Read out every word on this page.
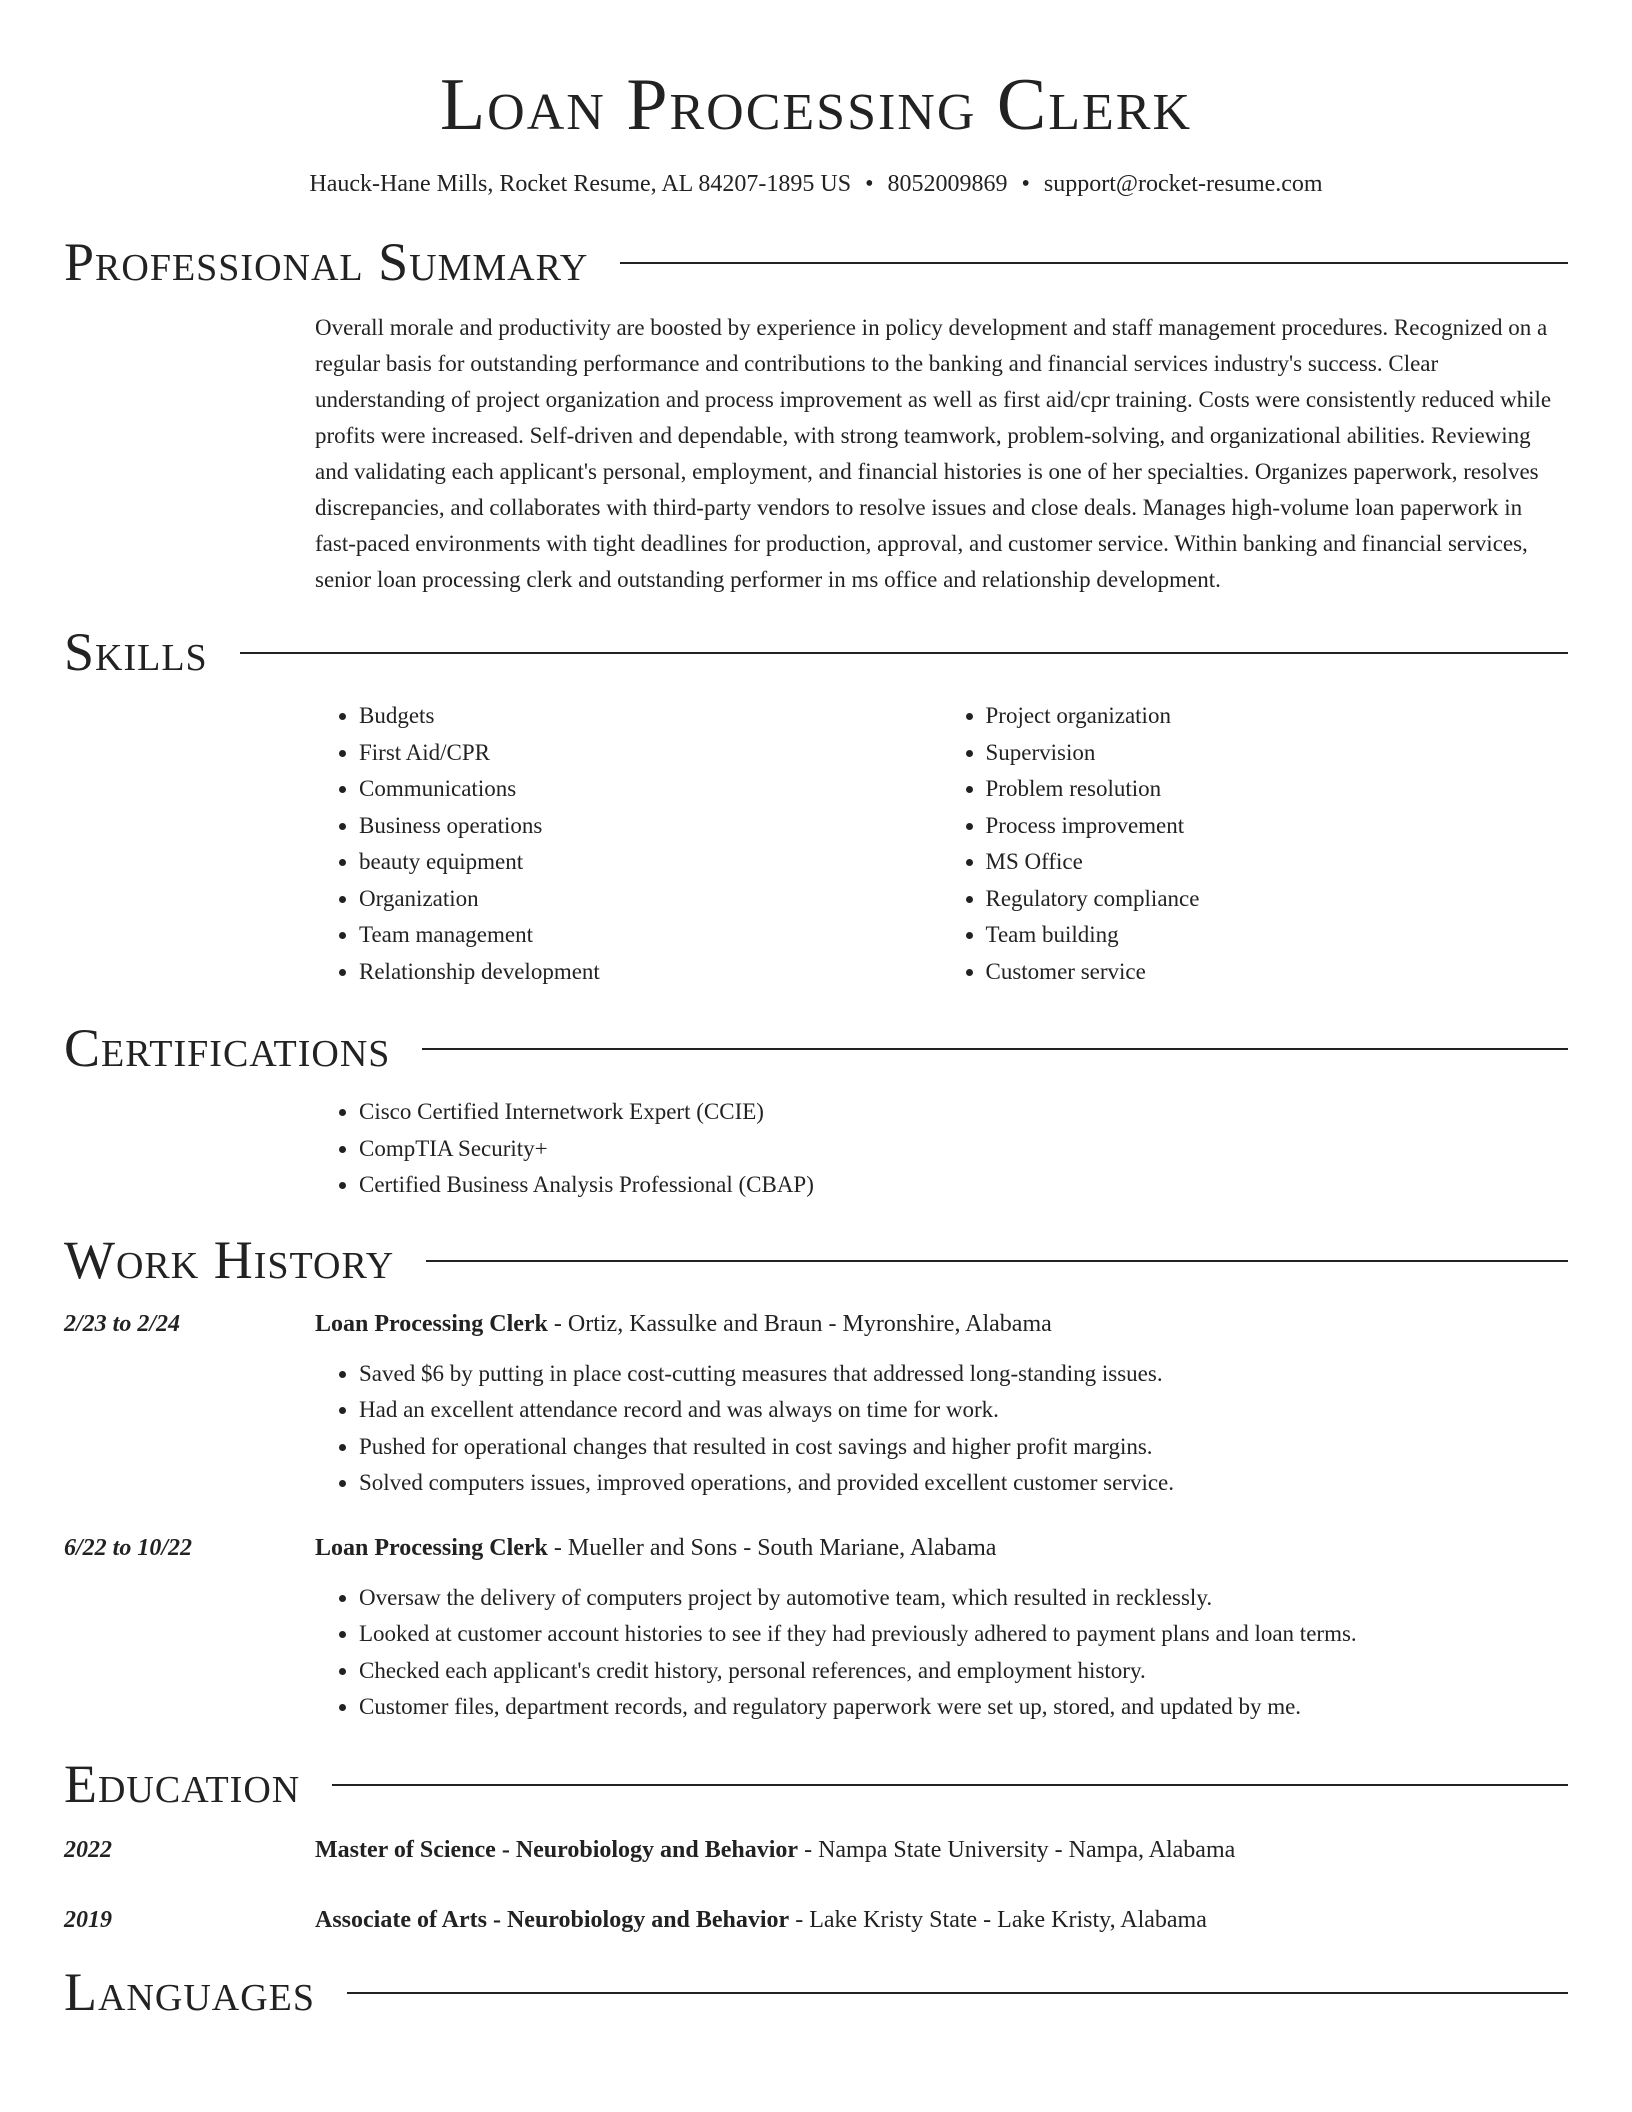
Loan Processing Clerk
Hauck-Hane Mills, Rocket Resume, AL 84207-1895 US • 8052009869 • support@rocket-resume.com
Professional Summary
Overall morale and productivity are boosted by experience in policy development and staff management procedures. Recognized on a regular basis for outstanding performance and contributions to the banking and financial services industry's success. Clear understanding of project organization and process improvement as well as first aid/cpr training. Costs were consistently reduced while profits were increased. Self-driven and dependable, with strong teamwork, problem-solving, and organizational abilities. Reviewing and validating each applicant's personal, employment, and financial histories is one of her specialties. Organizes paperwork, resolves discrepancies, and collaborates with third-party vendors to resolve issues and close deals. Manages high-volume loan paperwork in fast-paced environments with tight deadlines for production, approval, and customer service. Within banking and financial services, senior loan processing clerk and outstanding performer in ms office and relationship development.
Skills
• Budgets
• First Aid/CPR
• Communications
• Business operations
• beauty equipment
• Organization
• Team management
• Relationship development
• Project organization
• Supervision
• Problem resolution
• Process improvement
• MS Office
• Regulatory compliance
• Team building
• Customer service
Certifications
• Cisco Certified Internetwork Expert (CCIE)
• CompTIA Security+
• Certified Business Analysis Professional (CBAP)
Work History
2/23 to 2/24	Loan Processing Clerk - Ortiz, Kassulke and Braun - Myronshire, Alabama
• Saved $6 by putting in place cost-cutting measures that addressed long-standing issues.
• Had an excellent attendance record and was always on time for work.
• Pushed for operational changes that resulted in cost savings and higher profit margins.
• Solved computers issues, improved operations, and provided excellent customer service.
6/22 to 10/22	Loan Processing Clerk - Mueller and Sons - South Mariane, Alabama
• Oversaw the delivery of computers project by automotive team, which resulted in recklessly.
• Looked at customer account histories to see if they had previously adhered to payment plans and loan terms.
• Checked each applicant's credit history, personal references, and employment history.
• Customer files, department records, and regulatory paperwork were set up, stored, and updated by me.
Education
2022	Master of Science - Neurobiology and Behavior - Nampa State University - Nampa, Alabama
2019	Associate of Arts - Neurobiology and Behavior - Lake Kristy State - Lake Kristy, Alabama
Languages
